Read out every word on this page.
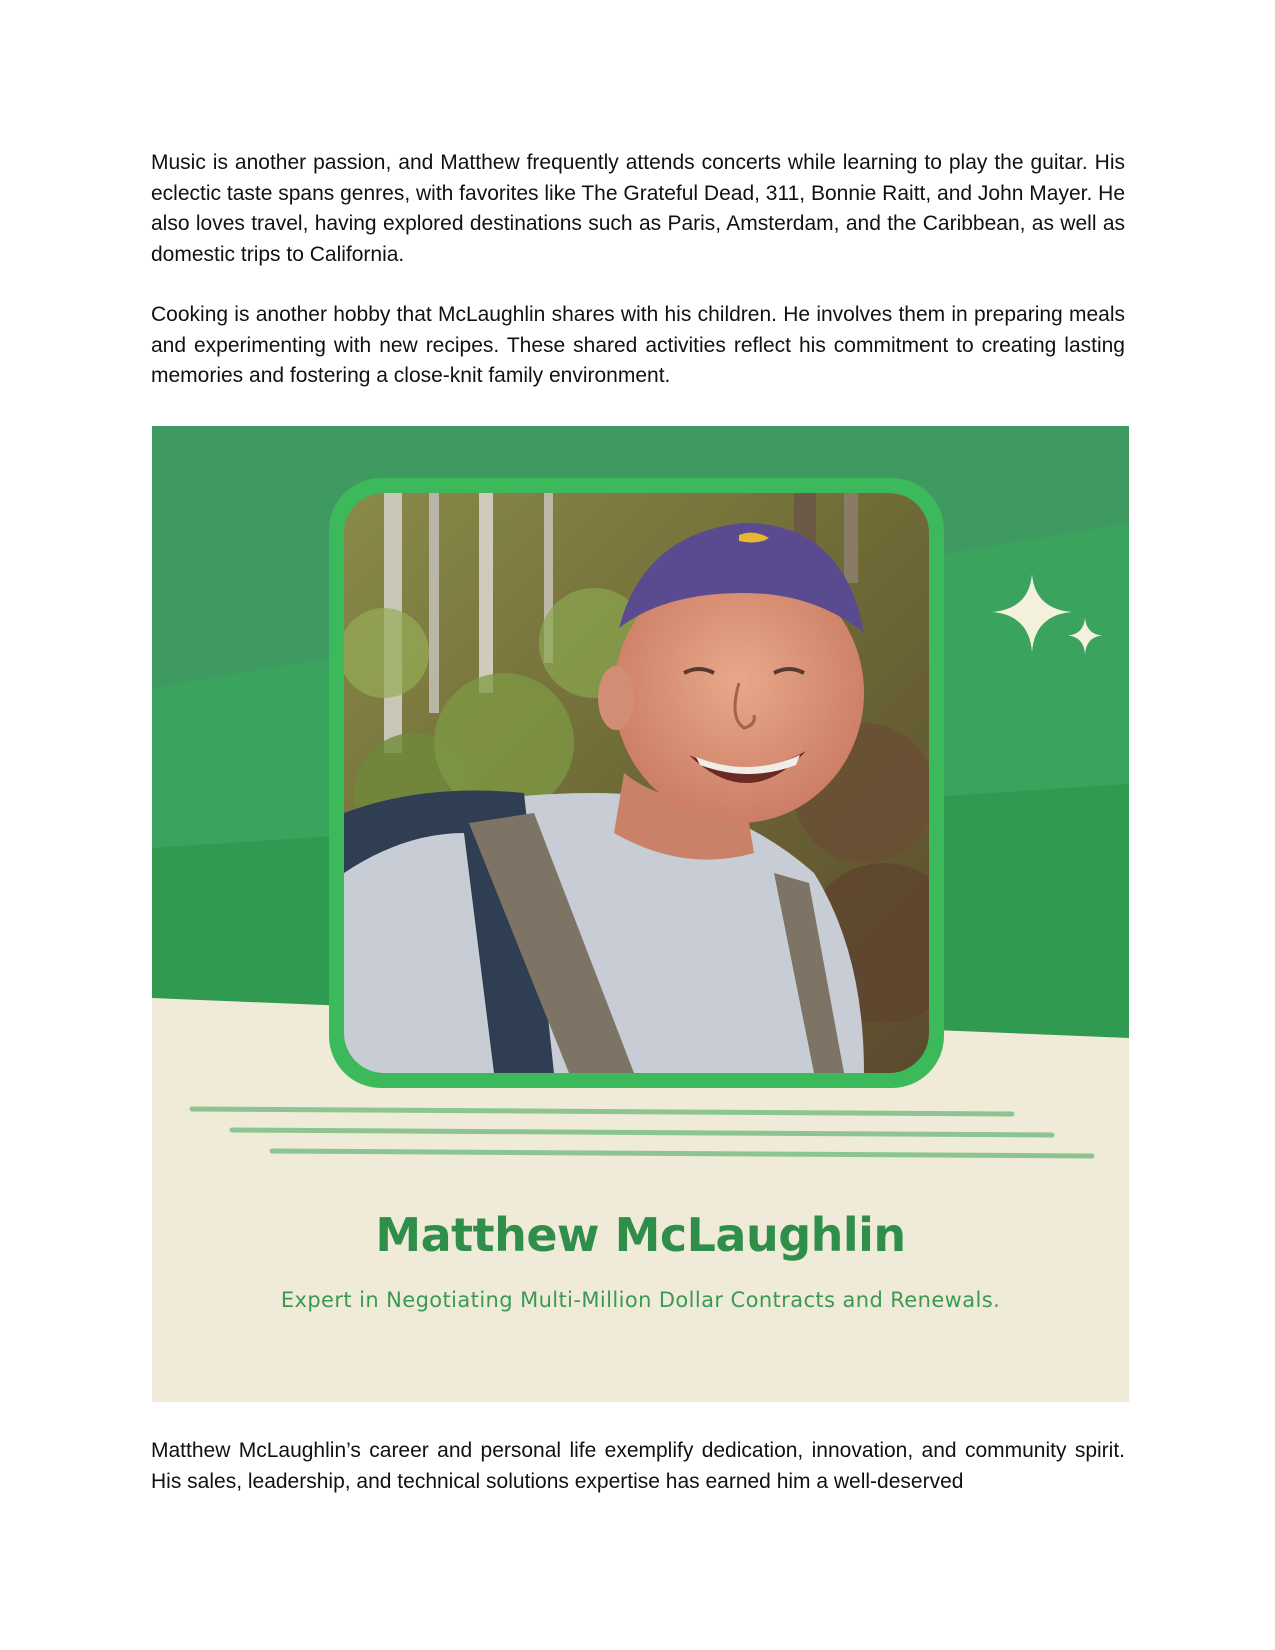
Music is another passion, and Matthew frequently attends concerts while learning to play the guitar. His eclectic taste spans genres, with favorites like The Grateful Dead, 311, Bonnie Raitt, and John Mayer. He also loves travel, having explored destinations such as Paris, Amsterdam, and the Caribbean, as well as domestic trips to California.

Cooking is another hobby that McLaughlin shares with his children. He involves them in preparing meals and experimenting with new recipes. These shared activities reflect his commitment to creating lasting memories and fostering a close-knit family environment.

Matthew McLaughlin

Expert in Negotiating Multi-Million Dollar Contracts and Renewals.

Matthew McLaughlin’s career and personal life exemplify dedication, innovation, and community spirit. His sales, leadership, and technical solutions expertise has earned him a well-deserved
